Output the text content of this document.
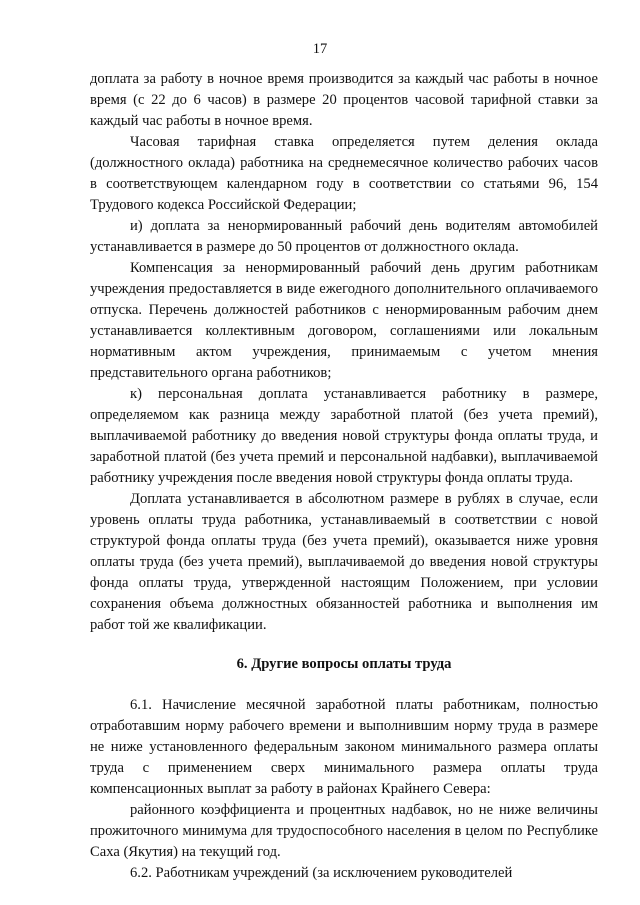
17

доплата за работу в ночное время производится за каждый час работы в ночное время (с 22 до 6 часов) в размере 20 процентов часовой тарифной ставки за каждый час работы в ночное время.

Часовая тарифная ставка определяется путем деления оклада (должностного оклада) работника на среднемесячное количество рабочих часов в соответствующем календарном году в соответствии со статьями 96, 154 Трудового кодекса Российской Федерации;

и) доплата за ненормированный рабочий день водителям автомобилей устанавливается в размере до 50 процентов от должностного оклада.

Компенсация за ненормированный рабочий день другим работникам учреждения предоставляется в виде ежегодного дополнительного оплачиваемого отпуска. Перечень должностей работников с ненормированным рабочим днем устанавливается коллективным договором, соглашениями или локальным нормативным актом учреждения, принимаемым с учетом мнения представительного органа работников;

к) персональная доплата устанавливается работнику в размере, определяемом как разница между заработной платой (без учета премий), выплачиваемой работнику до введения новой структуры фонда оплаты труда, и заработной платой (без учета премий и персональной надбавки), выплачиваемой работнику учреждения после введения новой структуры фонда оплаты труда.

Доплата устанавливается в абсолютном размере в рублях в случае, если уровень оплаты труда работника, устанавливаемый в соответствии с новой структурой фонда оплаты труда (без учета премий), оказывается ниже уровня оплаты труда (без учета премий), выплачиваемой до введения новой структуры фонда оплаты труда, утвержденной настоящим Положением, при условии сохранения объема должностных обязанностей работника и выполнения им работ той же квалификации.

6. Другие вопросы оплаты труда

6.1. Начисление месячной заработной платы работникам, полностью отработавшим норму рабочего времени и выполнившим норму труда в размере не ниже установленного федеральным законом минимального размера оплаты труда с применением сверх минимального размера оплаты труда компенсационных выплат за работу в районах Крайнего Севера:

районного коэффициента и процентных надбавок, но не ниже величины прожиточного минимума для трудоспособного населения в целом по Республике Саха (Якутия) на текущий год.

6.2. Работникам учреждений (за исключением руководителей
